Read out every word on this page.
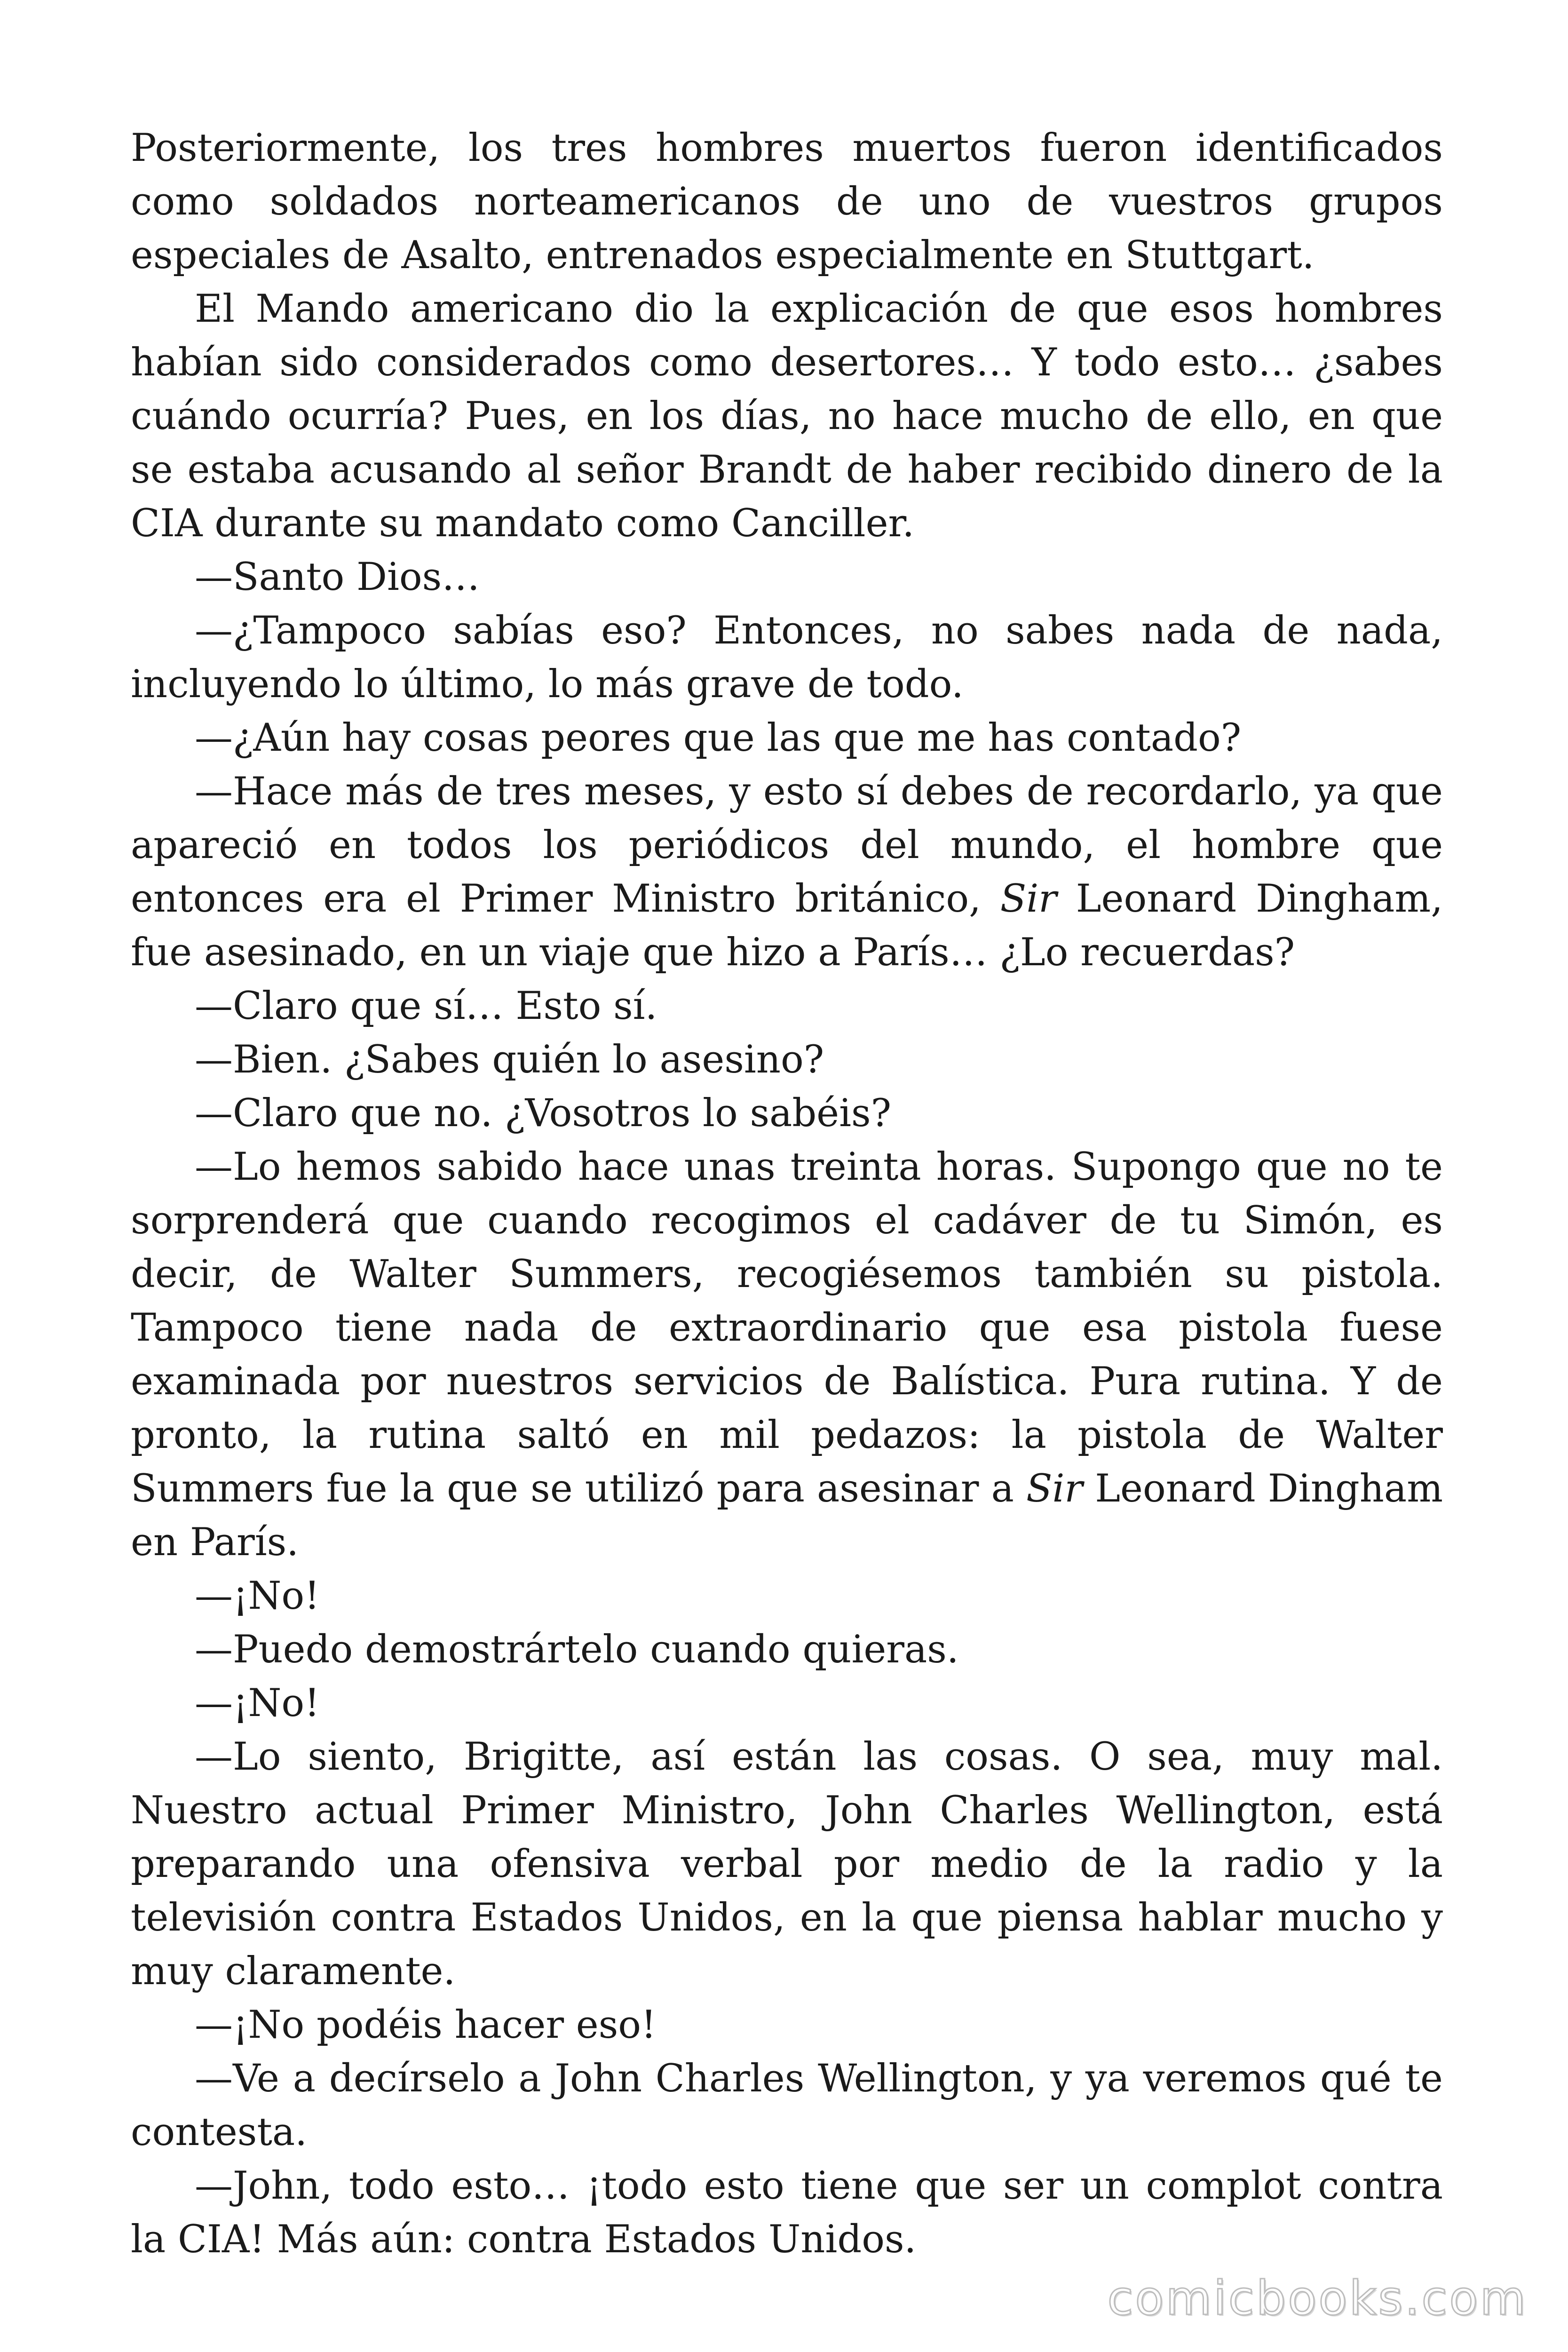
Posteriormente, los tres hombres muertos fueron identificados como soldados norteamericanos de uno de vuestros grupos especiales de Asalto, entrenados especialmente en Stuttgart.

El Mando americano dio la explicación de que esos hombres habían sido considerados como desertores… Y todo esto… ¿sabes cuándo ocurría? Pues, en los días, no hace mucho de ello, en que se estaba acusando al señor Brandt de haber recibido dinero de la CIA durante su mandato como Canciller.

—Santo Dios…

—¿Tampoco sabías eso? Entonces, no sabes nada de nada, incluyendo lo último, lo más grave de todo.

—¿Aún hay cosas peores que las que me has contado?

—Hace más de tres meses, y esto sí debes de recordarlo, ya que apareció en todos los periódicos del mundo, el hombre que entonces era el Primer Ministro británico, Sir Leonard Dingham, fue asesinado, en un viaje que hizo a París… ¿Lo recuerdas?

—Claro que sí… Esto sí.

—Bien. ¿Sabes quién lo asesino?

—Claro que no. ¿Vosotros lo sabéis?

—Lo hemos sabido hace unas treinta horas. Supongo que no te sorprenderá que cuando recogimos el cadáver de tu Simón, es decir, de Walter Summers, recogiésemos también su pistola. Tampoco tiene nada de extraordinario que esa pistola fuese examinada por nuestros servicios de Balística. Pura rutina. Y de pronto, la rutina saltó en mil pedazos: la pistola de Walter Summers fue la que se utilizó para asesinar a Sir Leonard Dingham en París.

—¡No!

—Puedo demostrártelo cuando quieras.

—¡No!

—Lo siento, Brigitte, así están las cosas. O sea, muy mal. Nuestro actual Primer Ministro, John Charles Wellington, está preparando una ofensiva verbal por medio de la radio y la televisión contra Estados Unidos, en la que piensa hablar mucho y muy claramente.

—¡No podéis hacer eso!

—Ve a decírselo a John Charles Wellington, y ya veremos qué te contesta.

—John, todo esto… ¡todo esto tiene que ser un complot contra la CIA! Más aún: contra Estados Unidos.

comicbooks.com
